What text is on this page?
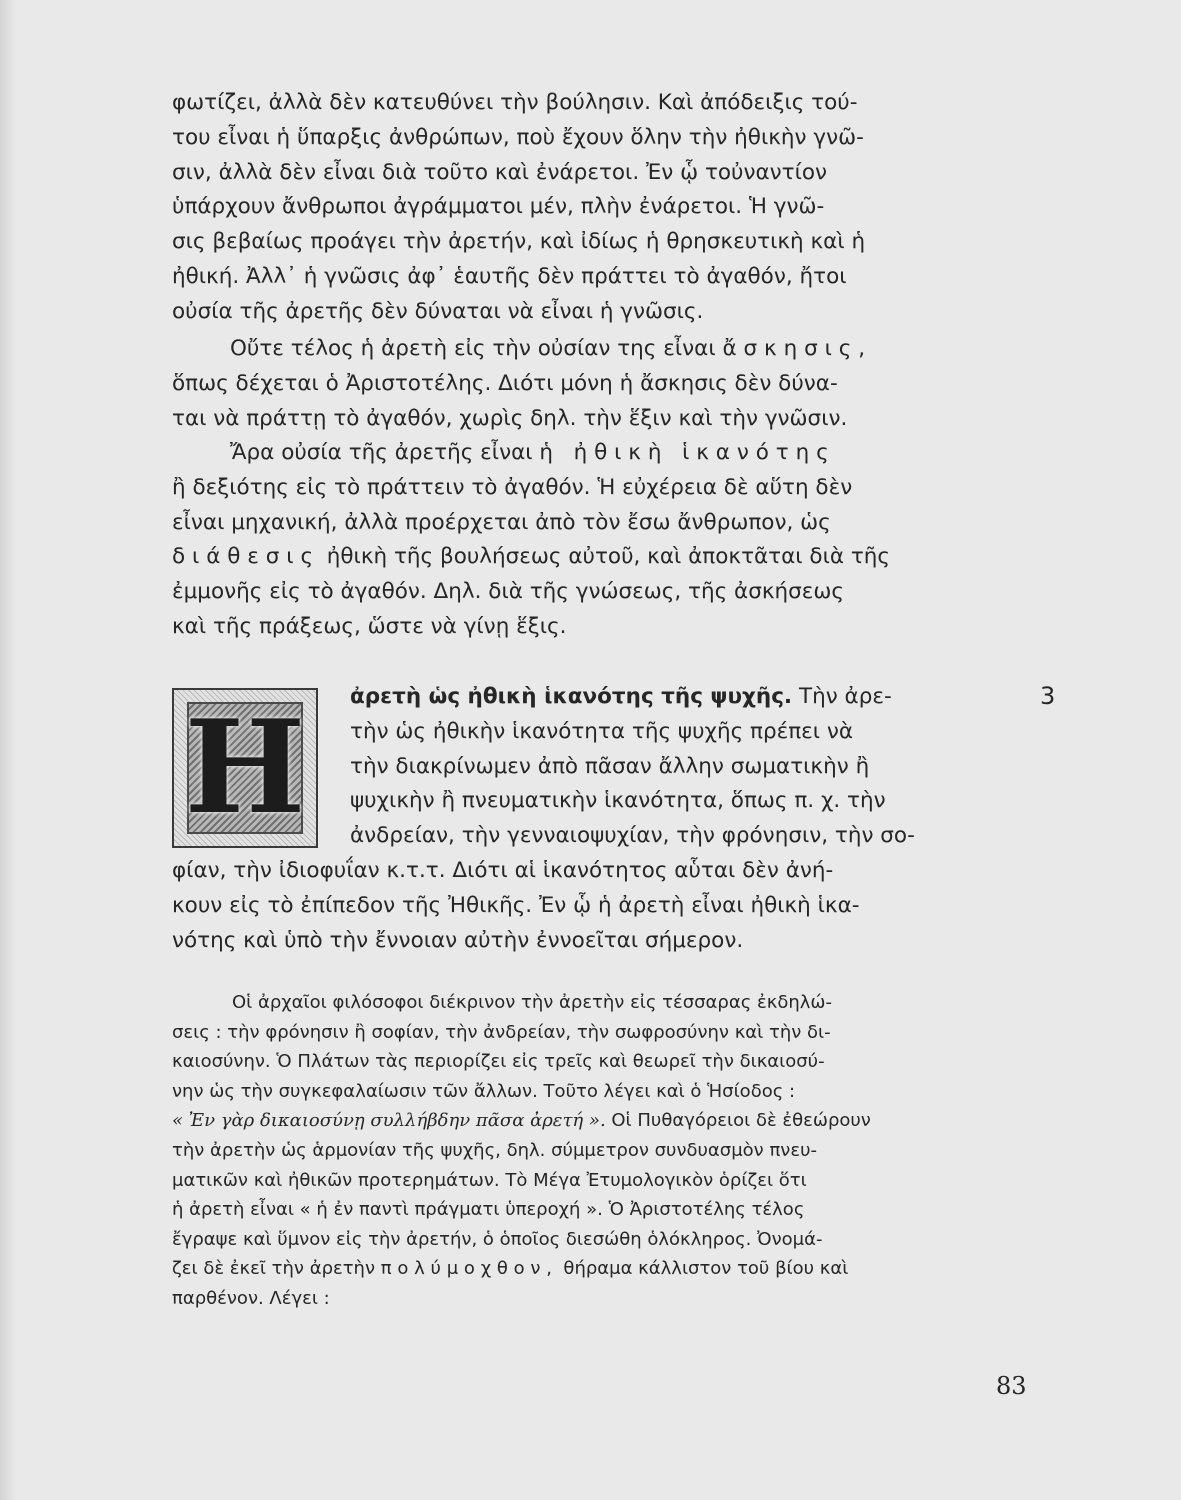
φωτίζει, ἀλλὰ δὲν κατευθύνει τὴν βούλησιν. Καὶ ἀπόδειξις τού-
του εἶναι ἡ ὕπαρξις ἀνθρώπων, ποὺ ἔχουν ὅλην τὴν ἠθικὴν γνῶ-
σιν, ἀλλὰ δὲν εἶναι διὰ τοῦτο καὶ ἐνάρετοι. Ἐν ᾧ τοὐναντίον
ὑπάρχουν ἄνθρωποι ἀγράμματοι μέν, πλὴν ἐνάρετοι. Ἡ γνῶ-
σις βεβαίως προάγει τὴν ἀρετήν, καὶ ἰδίως ἡ θρησκευτικὴ καὶ ἡ
ἠθική. Ἀλλ᾽ ἡ γνῶσις ἀφ᾽ ἑαυτῆς δὲν πράττει τὸ ἀγαθόν, ἤτοι
οὐσία τῆς ἀρετῆς δὲν δύναται νὰ εἶναι ἡ γνῶσις.
Οὔτε τέλος ἡ ἀρετὴ εἰς τὴν οὐσίαν της εἶναι ἄσκησις,
ὅπως δέχεται ὁ Ἀριστοτέλης. Διότι μόνη ἡ ἄσκησις δὲν δύνα-
ται νὰ πράττῃ τὸ ἀγαθόν, χωρὶς δηλ. τὴν ἕξιν καὶ τὴν γνῶσιν.
Ἄρα οὐσία τῆς ἀρετῆς εἶναι ἡ ἠθικὴ ἱκανότης
ἢ δεξιότης εἰς τὸ πράττειν τὸ ἀγαθόν. Ἡ εὐχέρεια δὲ αὕτη δὲν
εἶναι μηχανική, ἀλλὰ προέρχεται ἀπὸ τὸν ἔσω ἄνθρωπον, ὡς
διάθεσις ἠθικὴ τῆς βουλήσεως αὐτοῦ, καὶ ἀποκτᾶται διὰ τῆς
ἐμμονῆς εἰς τὸ ἀγαθόν. Δηλ. διὰ τῆς γνώσεως, τῆς ἀσκήσεως
καὶ τῆς πράξεως, ὥστε νὰ γίνῃ ἕξις.
Η	ἀρετὴ ὡς ἠθικὴ ἱκανότης τῆς ψυχῆς. Τὴν ἀρε-
τὴν ὡς ἠθικὴν ἱκανότητα τῆς ψυχῆς πρέπει νὰ
τὴν διακρίνωμεν ἀπὸ πᾶσαν ἄλλην σωματικὴν ἢ
ψυχικὴν ἢ πνευματικὴν ἱκανότητα, ὅπως π. χ. τὴν
ἀνδρείαν, τὴν γενναιοψυχίαν, τὴν φρόνησιν, τὴν σο-
φίαν, τὴν ἰδιοφυΐαν κ.τ.τ. Διότι αἱ ἱκανότητος αὗται δὲν ἀνή-
κουν εἰς τὸ ἐπίπεδον τῆς Ἠθικῆς. Ἐν ᾧ ἡ ἀρετὴ εἶναι ἠθικὴ ἱκα-
νότης καὶ ὑπὸ τὴν ἔννοιαν αὐτὴν ἐννοεῖται σήμερον.
3
Οἱ ἀρχαῖοι φιλόσοφοι διέκρινον τὴν ἀρετὴν εἰς τέσσαρας ἐκδηλώ-
σεις : τὴν φρόνησιν ἢ σοφίαν, τὴν ἀνδρείαν, τὴν σωφροσύνην καὶ τὴν δι-
καιοσύνην. Ὁ Πλάτων τὰς περιορίζει εἰς τρεῖς καὶ θεωρεῖ τὴν δικαιοσύ-
νην ὡς τὴν συγκεφαλαίωσιν τῶν ἄλλων. Τοῦτο λέγει καὶ ὁ Ἡσίοδος :
« Ἐν γὰρ δικαιοσύνῃ συλλήβδην πᾶσα ἀρετή ». Οἱ Πυθαγόρειοι δὲ ἐθεώρουν
τὴν ἀρετὴν ὡς ἁρμονίαν τῆς ψυχῆς, δηλ. σύμμετρον συνδυασμὸν πνευ-
ματικῶν καὶ ἠθικῶν προτερημάτων. Τὸ Μέγα Ἐτυμολογικὸν ὁρίζει ὅτι
ἡ ἀρετὴ εἶναι « ἡ ἐν παντὶ πράγματι ὑπεροχή ». Ὁ Ἀριστοτέλης τέλος
ἔγραψε καὶ ὕμνον εἰς τὴν ἀρετήν, ὁ ὁποῖος διεσώθη ὁλόκληρος. Ὀνομά-
ζει δὲ ἐκεῖ τὴν ἀρετὴν πολύμοχθον, θήραμα κάλλιστον τοῦ βίου καὶ
παρθένον. Λέγει :
83
